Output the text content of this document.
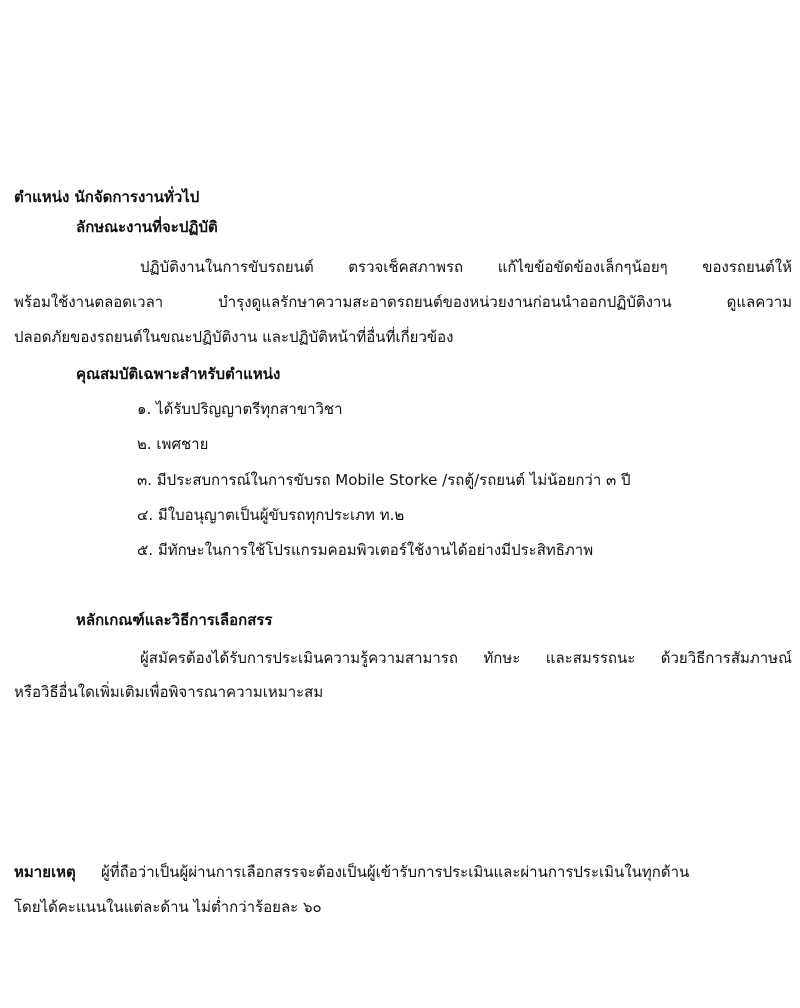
ตำแหน่ง นักจัดการงานทั่วไป
ลักษณะงานที่จะปฏิบัติ
ปฏิบัติงานในการขับรถยนต์ ตรวจเช็คสภาพรถ แก้ไขข้อขัดข้องเล็กๆน้อยๆ ของรถยนต์ให้
พร้อมใช้งานตลอดเวลา บำรุงดูแลรักษาความสะอาดรถยนต์ของหน่วยงานก่อนนำออกปฏิบัติงาน ดูแลความ
ปลอดภัยของรถยนต์ในขณะปฏิบัติงาน และปฏิบัติหน้าที่อื่นที่เกี่ยวข้อง
คุณสมบัติเฉพาะสำหรับตำแหน่ง
๑. ได้รับปริญญาตรีทุกสาขาวิชา
๒. เพศชาย
๓. มีประสบการณ์ในการขับรถ Mobile Storke /รถตู้/รถยนต์ ไม่น้อยกว่า ๓ ปี
๔. มีใบอนุญาตเป็นผู้ขับรถทุกประเภท ท.๒
๕. มีทักษะในการใช้โปรแกรมคอมพิวเตอร์ใช้งานได้อย่างมีประสิทธิภาพ
หลักเกณฑ์และวิธีการเลือกสรร
ผู้สมัครต้องได้รับการประเมินความรู้ความสามารถ ทักษะ และสมรรถนะ ด้วยวิธีการสัมภาษณ์
หรือวิธีอื่นใดเพิ่มเติมเพื่อพิจารณาความเหมาะสม
หมายเหตุ ผู้ที่ถือว่าเป็นผู้ผ่านการเลือกสรรจะต้องเป็นผู้เข้ารับการประเมินและผ่านการประเมินในทุกด้าน
โดยได้คะแนนในแต่ละด้าน ไม่ต่ำกว่าร้อยละ ๖๐
